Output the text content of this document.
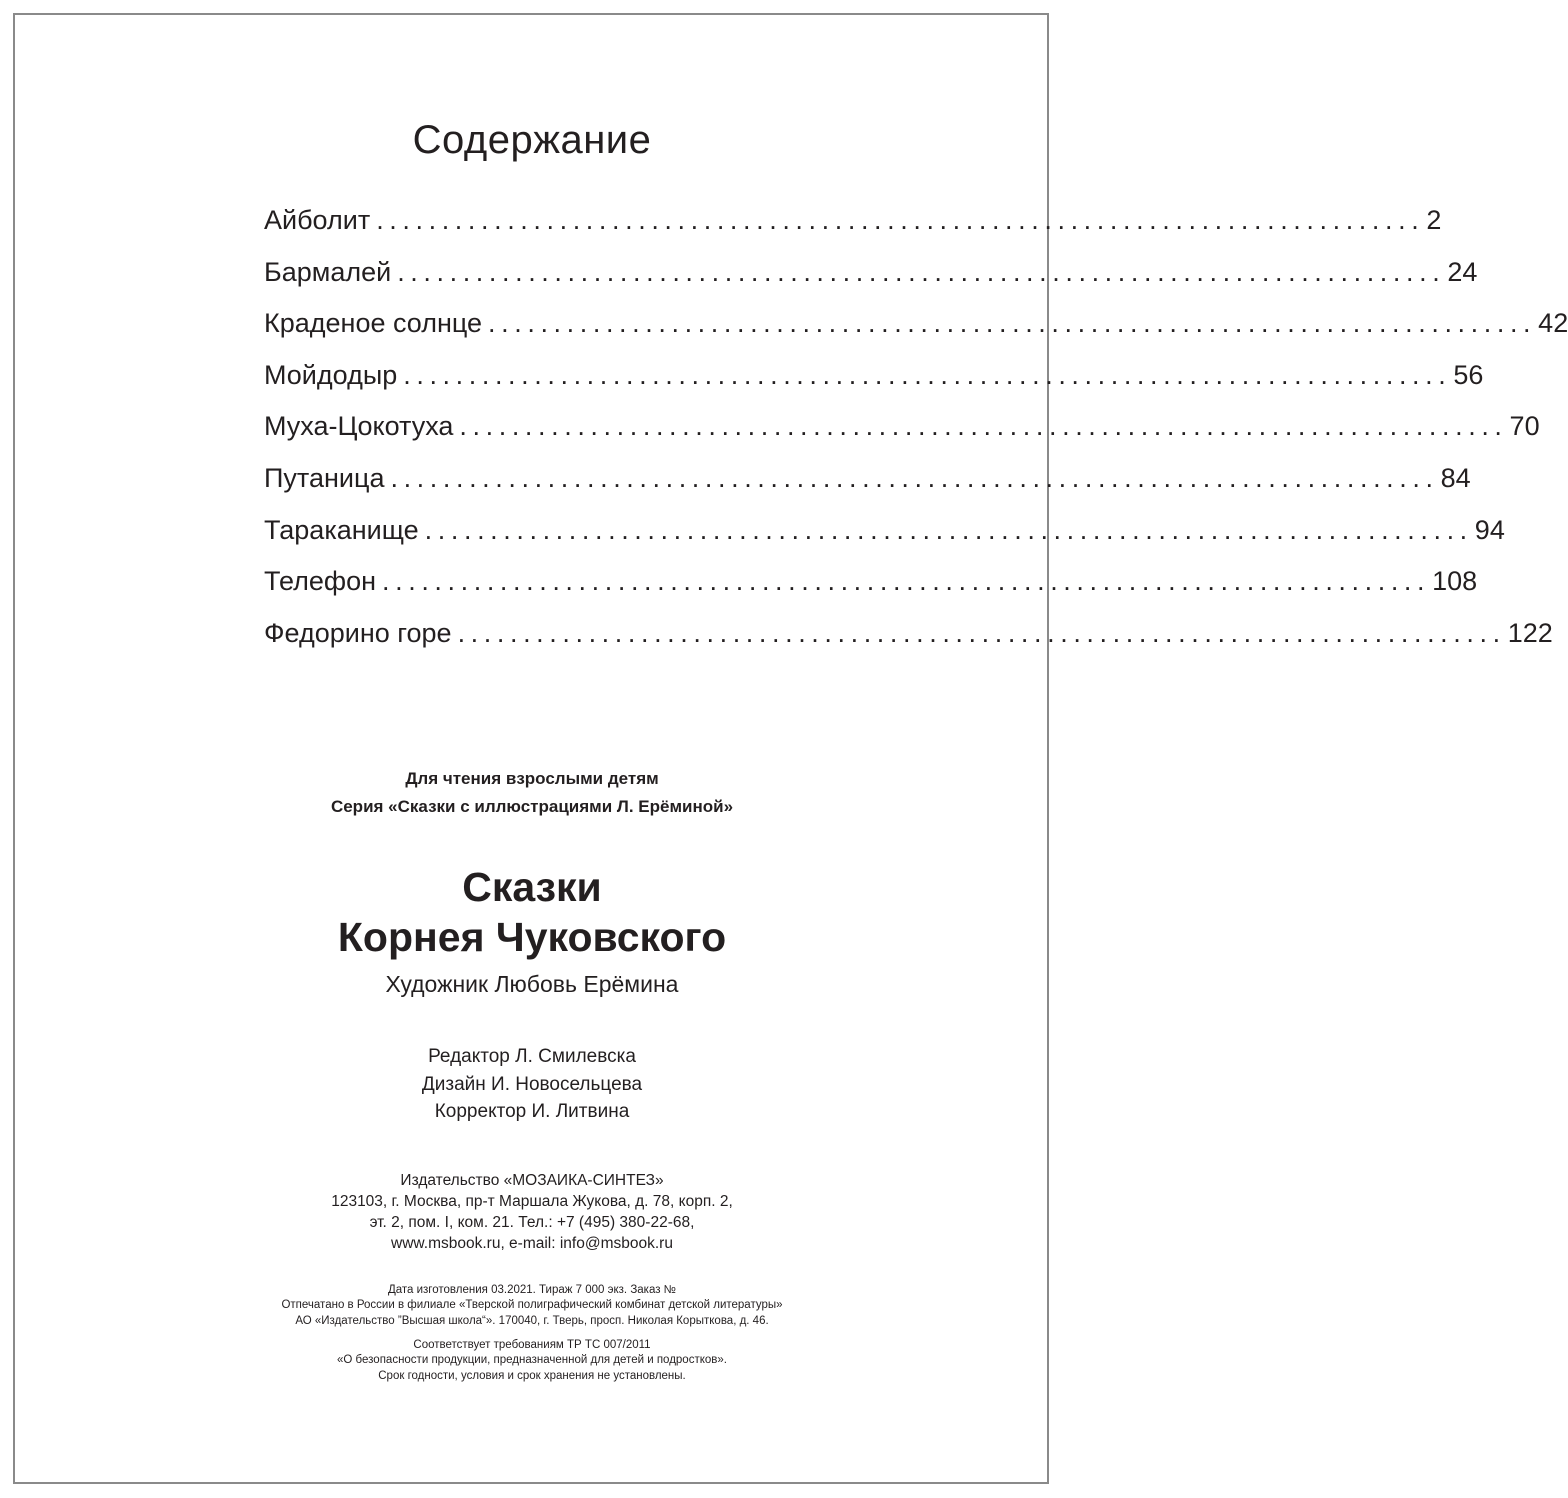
Содержание
Айболит ................................................................................ 2
Бармалей ................................................................................ 24
Краденое солнце ................................................................................ 42
Мойдодыр ................................................................................ 56
Муха-Цокотуха ................................................................................ 70
Путаница ................................................................................ 84
Тараканище ................................................................................ 94
Телефон ................................................................................ 108
Федорино горе ................................................................................ 122
Для чтения взрослыми детям
Серия «Сказки с иллюстрациями Л. Ерёминой»
Сказки
Корнея Чуковского
Художник Любовь Ерёмина
Редактор Л. Смилевска
Дизайн И. Новосельцева
Корректор И. Литвина
Издательство «МОЗАИКА-СИНТЕЗ»
123103, г. Москва, пр-т Маршала Жукова, д. 78, корп. 2,
эт. 2, пом. I, ком. 21. Тел.: +7 (495) 380-22-68,
www.msbook.ru, e-mail: info@msbook.ru
Дата изготовления 03.2021. Тираж 7 000 экз. Заказ №
Отпечатано в России в филиале «Тверской полиграфический комбинат детской литературы»
АО «Издательство ”Высшая школа“». 170040, г. Тверь, просп. Николая Корыткова, д. 46.
Соответствует требованиям ТР ТС 007/2011
«О безопасности продукции, предназначенной для детей и подростков».
Срок годности, условия и срок хранения не установлены.
